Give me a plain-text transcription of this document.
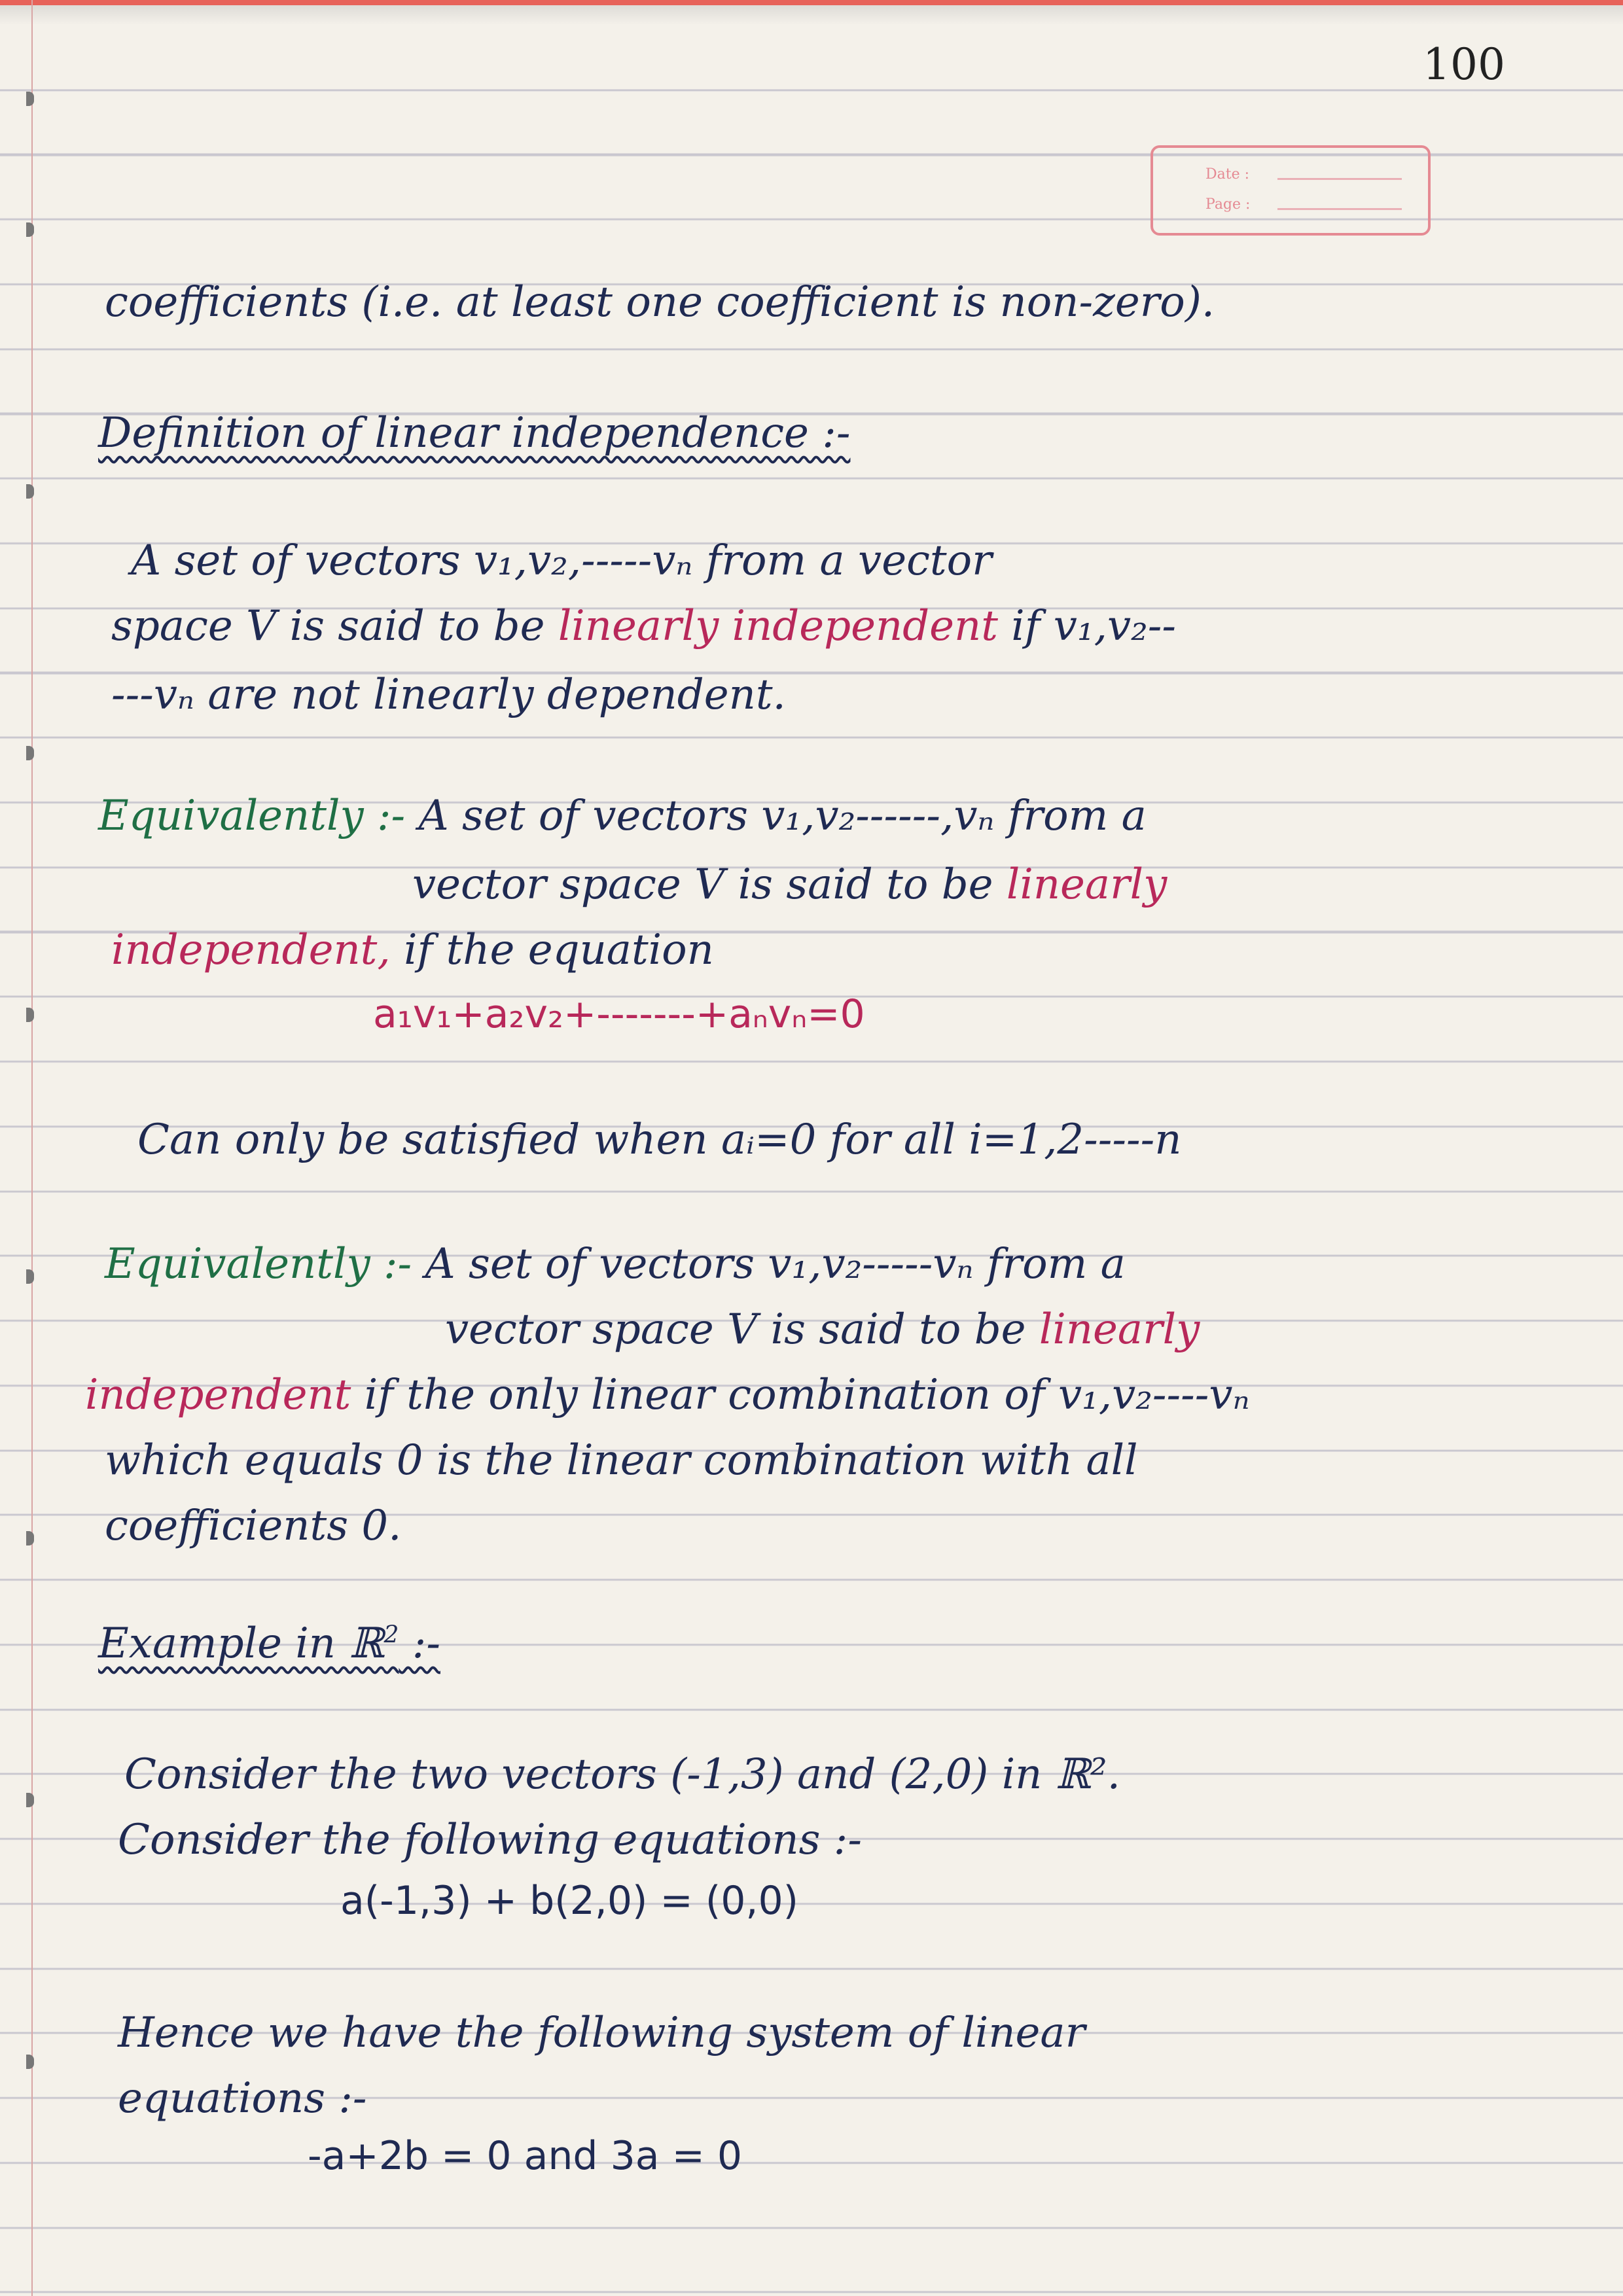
100
Date :
Page :
coefficients (i.e. at least one coefficient is non-zero).
Definition of linear independence :-
A set of vectors v₁,v₂,-----vₙ from a vector
space V is said to be linearly independent if v₁,v₂--
---vₙ are not linearly dependent.
Equivalently :- A set of vectors v₁,v₂------,vₙ from a
vector space V is said to be linearly
independent, if the equation
a₁v₁+a₂v₂+-------+aₙvₙ=0
Can only be satisfied when aᵢ=0 for all i=1,2-----n
Equivalently :- A set of vectors v₁,v₂-----vₙ from a
vector space V is said to be linearly
independent if the only linear combination of v₁,v₂----vₙ
which equals 0 is the linear combination with all
coefficients 0.
Example in ℝ$^2$ :-
Consider the two vectors (-1,3) and (2,0) in ℝ².
Consider the following equations :-
a(-1,3) + b(2,0) = (0,0)
Hence we have the following system of linear
equations :-
-a+2b = 0 and 3a = 0
